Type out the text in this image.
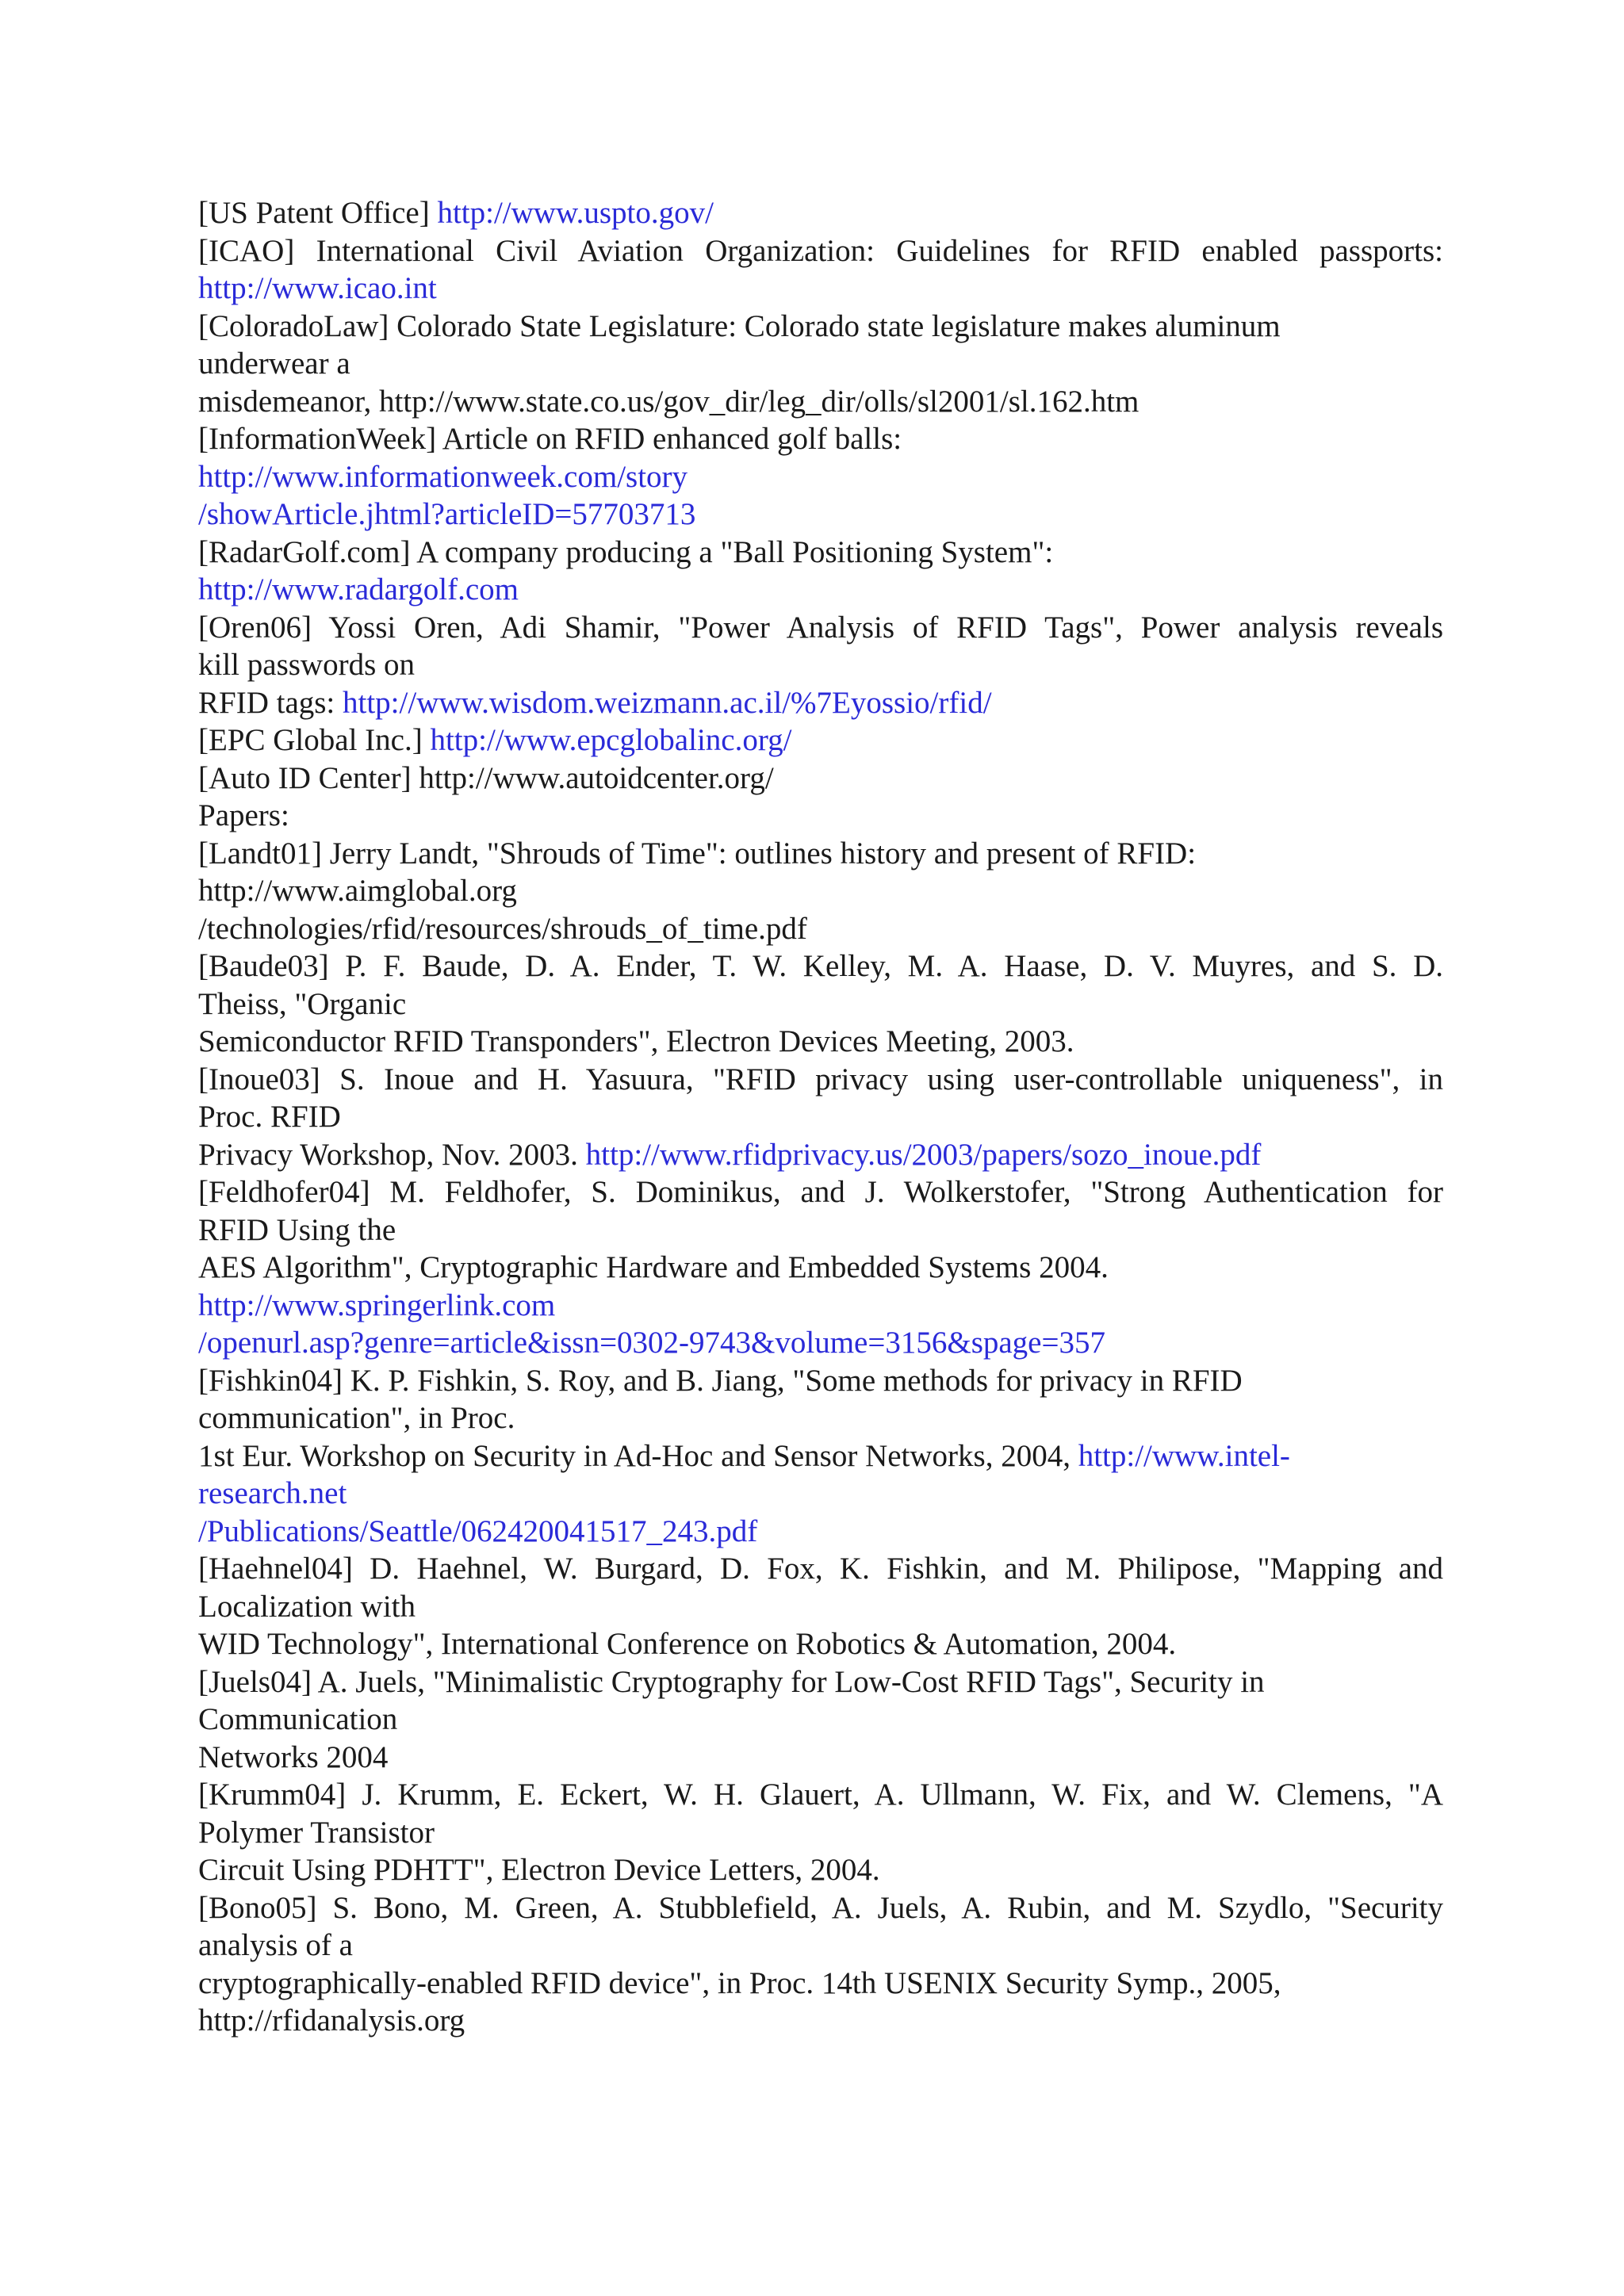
[US Patent Office] http://www.uspto.gov/
[ICAO] International Civil Aviation Organization: Guidelines for RFID enabled passports:
http://www.icao.int
[ColoradoLaw] Colorado State Legislature: Colorado state legislature makes aluminum
underwear a
misdemeanor, http://www.state.co.us/gov_dir/leg_dir/olls/sl2001/sl.162.htm
[InformationWeek] Article on RFID enhanced golf balls:
http://www.informationweek.com/story
/showArticle.jhtml?articleID=57703713
[RadarGolf.com] A company producing a "Ball Positioning System":
http://www.radargolf.com
[Oren06] Yossi Oren, Adi Shamir, "Power Analysis of RFID Tags", Power analysis reveals
kill passwords on
RFID tags: http://www.wisdom.weizmann.ac.il/%7Eyossio/rfid/
[EPC Global Inc.] http://www.epcglobalinc.org/
[Auto ID Center] http://www.autoidcenter.org/
Papers:
[Landt01] Jerry Landt, "Shrouds of Time": outlines history and present of RFID:
http://www.aimglobal.org
/technologies/rfid/resources/shrouds_of_time.pdf
[Baude03] P. F. Baude, D. A. Ender, T. W. Kelley, M. A. Haase, D. V. Muyres, and S. D.
Theiss, "Organic
Semiconductor RFID Transponders", Electron Devices Meeting, 2003.
[Inoue03] S. Inoue and H. Yasuura, "RFID privacy using user-controllable uniqueness", in
Proc. RFID
Privacy Workshop, Nov. 2003. http://www.rfidprivacy.us/2003/papers/sozo_inoue.pdf
[Feldhofer04] M. Feldhofer, S. Dominikus, and J. Wolkerstofer, "Strong Authentication for
RFID Using the
AES Algorithm", Cryptographic Hardware and Embedded Systems 2004.
http://www.springerlink.com
/openurl.asp?genre=article&issn=0302-9743&volume=3156&spage=357
[Fishkin04] K. P. Fishkin, S. Roy, and B. Jiang, "Some methods for privacy in RFID
communication", in Proc.
1st Eur. Workshop on Security in Ad-Hoc and Sensor Networks, 2004, http://www.intel-
research.net
/Publications/Seattle/062420041517_243.pdf
[Haehnel04] D. Haehnel, W. Burgard, D. Fox, K. Fishkin, and M. Philipose, "Mapping and
Localization with
WID Technology", International Conference on Robotics & Automation, 2004.
[Juels04] A. Juels, "Minimalistic Cryptography for Low-Cost RFID Tags", Security in
Communication
Networks 2004
[Krumm04] J. Krumm, E. Eckert, W. H. Glauert, A. Ullmann, W. Fix, and W. Clemens, "A
Polymer Transistor
Circuit Using PDHTT", Electron Device Letters, 2004.
[Bono05] S. Bono, M. Green, A. Stubblefield, A. Juels, A. Rubin, and M. Szydlo, "Security
analysis of a
cryptographically-enabled RFID device", in Proc. 14th USENIX Security Symp., 2005,
http://rfidanalysis.org
